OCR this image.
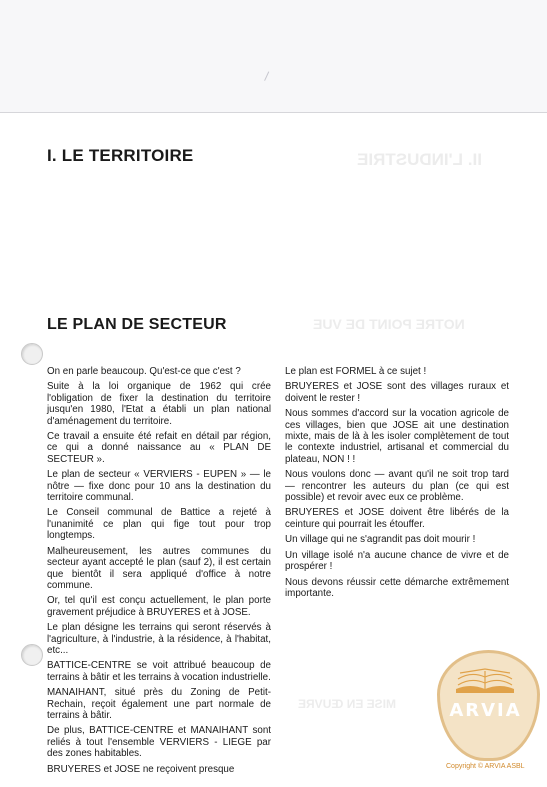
II. L'INDUSTRIE
NOTRE POINT DE VUE
MISE EN ŒUVRE
I. LE TERRITOIRE
LE PLAN DE SECTEUR

On en parle beaucoup. Qu'est-ce que c'est ?

Suite à la loi organique de 1962 qui crée l'obligation de fixer la destination du territoire jusqu'en 1980, l'Etat a établi un plan national d'aménagement du territoire.

Ce travail a ensuite été refait en détail par région, ce qui a donné naissance au « PLAN DE SECTEUR ».

Le plan de secteur « VERVIERS - EUPEN » — le nôtre — fixe donc pour 10 ans la destination du territoire communal.

Le Conseil communal de Battice a rejeté à l'unanimité ce plan qui fige tout pour trop longtemps.

Malheureusement, les autres communes du secteur ayant accepté le plan (sauf 2), il est certain que bientôt il sera appliqué d'office à notre commune.

Or, tel qu'il est conçu actuellement, le plan porte gravement préjudice à BRUYERES et à JOSE.

Le plan désigne les terrains qui seront réservés à l'agriculture, à l'industrie, à la résidence, à l'habitat, etc...

BATTICE-CENTRE se voit attribué beaucoup de terrains à bâtir et les terrains à vocation industrielle.

MANAIHANT, situé près du Zoning de Petit-Rechain, reçoit également une part normale de terrains à bâtir.

De plus, BATTICE-CENTRE et MANAIHANT sont reliés à tout l'ensemble VERVIERS - LIEGE par des zones habitables.

BRUYERES et JOSE ne reçoivent presque

Le plan est FORMEL à ce sujet !

BRUYERES et JOSE sont des villages ruraux et doivent le rester !

Nous sommes d'accord sur la vocation agricole de ces villages, bien que JOSE ait une destination mixte, mais de là à les isoler complètement de tout le contexte industriel, artisanal et commercial du plateau, NON ! !

Nous voulons donc — avant qu'il ne soit trop tard — rencontrer les auteurs du plan (ce qui est possible) et revoir avec eux ce problème.

BRUYERES et JOSE doivent être libérés de la ceinture qui pourrait les étouffer.

Un village qui ne s'agrandit pas doit mourir !

Un village isolé n'a aucune chance de vivre et de prospérer !

Nous devons réussir cette démarche extrêmement importante.

ARVIA
Copyright © ARVIA ASBL
